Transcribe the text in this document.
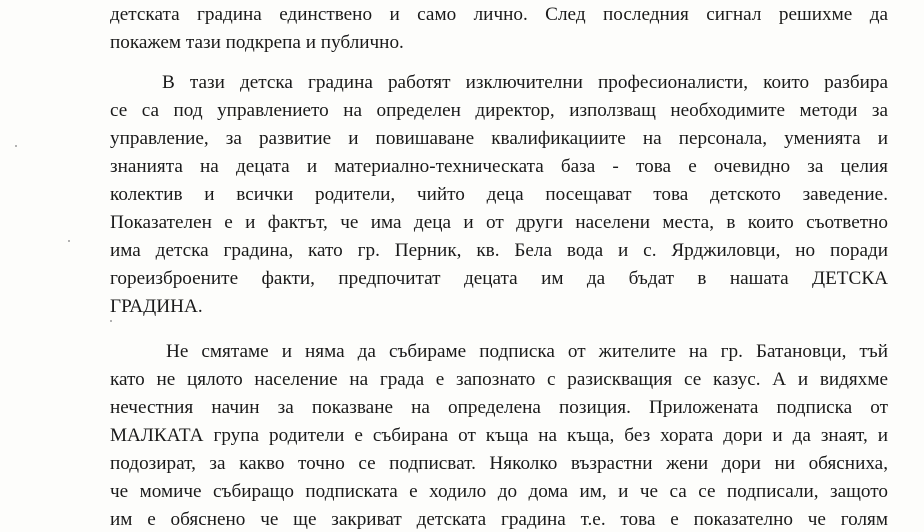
детската градина единствено и само лично. След последния сигнал решихме да
покажем тази подкрепа и публично.
В тази детска градина работят изключителни професионалисти, които разбира
се са под управлението на определен директор, използващ необходимите методи за
управление, за развитие и повишаване квалификациите на персонала, уменията и
знанията на децата и материално-техническата база - това е очевидно за целия
колектив и всички родители, чийто деца посещават това детското заведение.
Показателен е и фактът, че има деца и от други населени места, в които съответно
има детска градина, като гр. Перник, кв. Бела вода и с. Ярджиловци, но поради
гореизброените факти, предпочитат децата им да бъдат в нашата ДЕТСКА
ГРАДИНА.
Не смятаме и няма да събираме подписка от жителите на гр. Батановци, тъй
като не цялото население на града е запознато с разискващия се казус. А и видяхме
нечестния начин за показване на определена позиция. Приложената подписка от
МАЛКАТА група родители е събирана от къща на къща, без хората дори и да знаят, и
подозират, за какво точно се подписват. Няколко възрастни жени дори ни обясниха,
че момиче събиращо подписката е ходило до дома им, и че са се подписали, защото
им е обяснено че ще закриват детската градина т.е. това е показателно че голям
